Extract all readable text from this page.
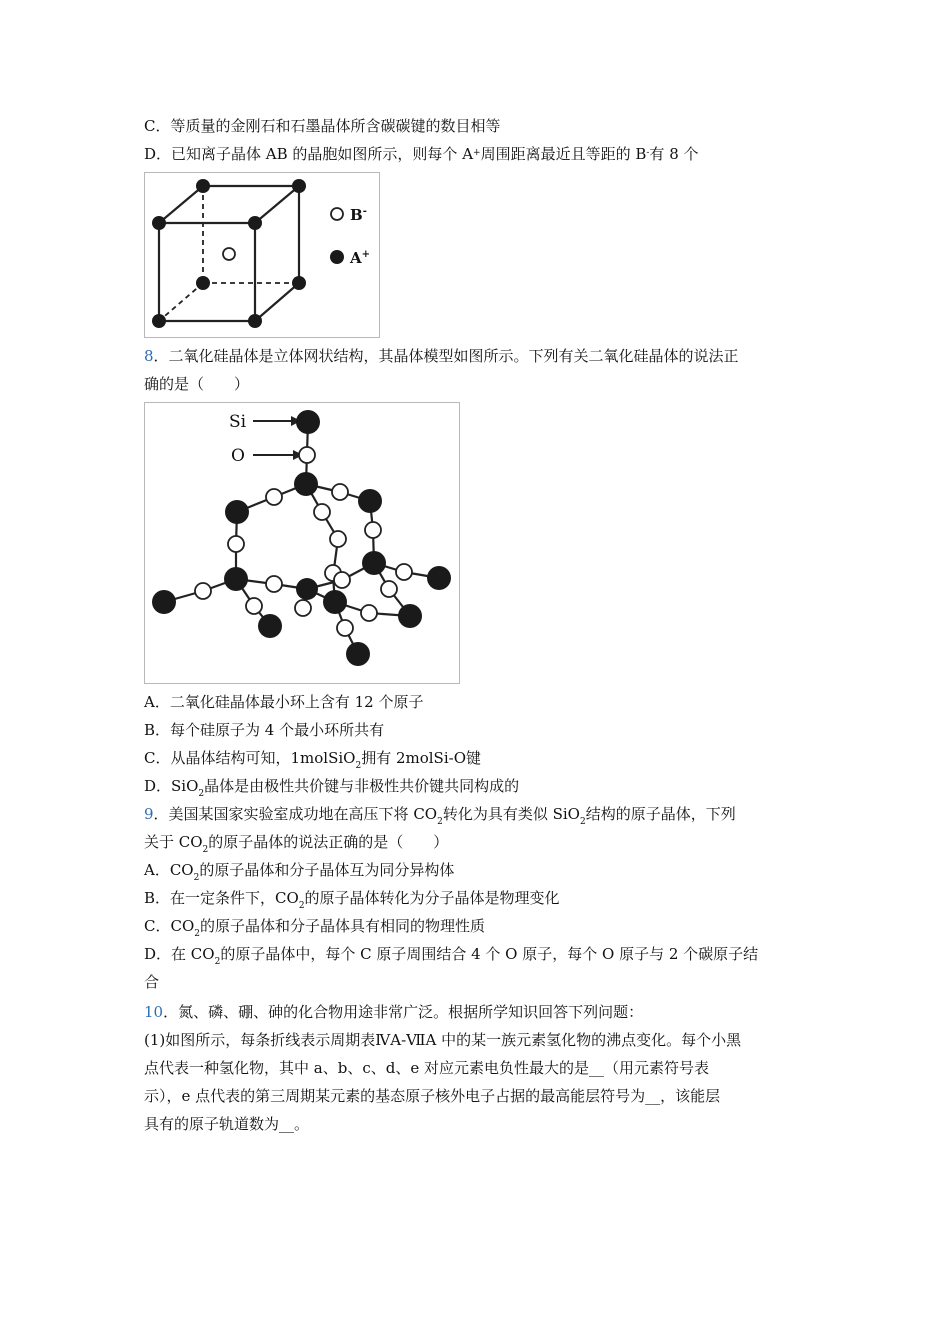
C．等质量的金刚石和石墨晶体所含碳碳键的数目相等
D．已知离子晶体 AB 的晶胞如图所示，则每个 A+周围距离最近且等距的 B-有 8 个
B-
A+
8．二氧化硅晶体是立体网状结构，其晶体模型如图所示。下列有关二氧化硅晶体的说法正
确的是（　　）
Si
O
A．二氧化硅晶体最小环上含有 12 个原子
B．每个硅原子为 4 个最小环所共有
C．从晶体结构可知，1molSiO$_2$拥有 2molSi-O键
D．SiO$_2$晶体是由极性共价键与非极性共价键共同构成的
9．美国某国家实验室成功地在高压下将 $CO_2$转化为具有类似 SiO$_2$结构的原子晶体，下列
关于 $CO_2$的原子晶体的说法正确的是（　　）
A．$CO_2$的原子晶体和分子晶体互为同分异构体
B．在一定条件下，$CO_2$的原子晶体转化为分子晶体是物理变化
C．$CO_2$的原子晶体和分子晶体具有相同的物理性质
D．在 $CO_2$的原子晶体中，每个 C 原子周围结合 4 个 O 原子，每个 O 原子与 2 个碳原子结
合
10．氮、磷、硼、砷的化合物用途非常广泛。根据所学知识回答下列问题：
(1)如图所示，每条折线表示周期表ⅣA-ⅦA 中的某一族元素氢化物的沸点变化。每个小黑
点代表一种氢化物，其中 a、b、c、d、e 对应元素电负性最大的是__（用元素符号表
示），e 点代表的第三周期某元素的基态原子核外电子占据的最高能层符号为__，该能层
具有的原子轨道数为__。
